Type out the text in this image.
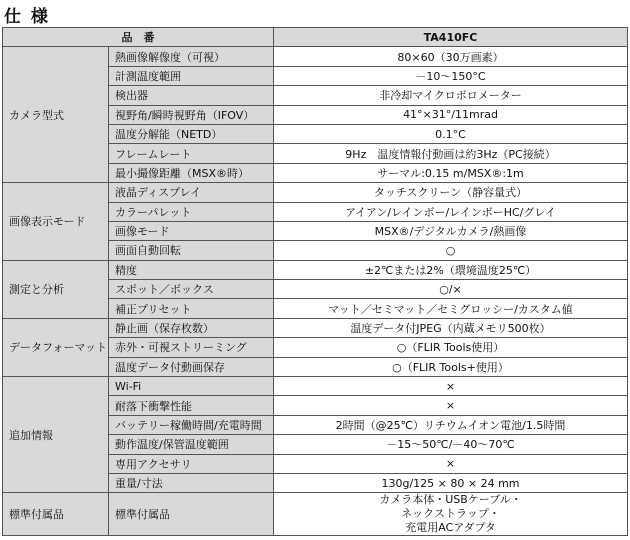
仕 様
品　番		TA410FC
カメラ型式	熱画像解像度（可視）	80×60（30万画素）
	計測温度範囲	－10～150°C
	検出器	非冷却マイクロボロメーター
	視野角/瞬時視野角（IFOV）	41°×31°/11mrad
	温度分解能（NETD）	0.1°C
	フレームレート	9Hz　温度情報付動画は約3Hz（PC接続）
	最小撮像距離（MSX®時）	サーマル:0.15 m/MSX®:1m
画像表示モード	液晶ディスプレイ	タッチスクリーン（静容量式）
	カラーパレット	アイアン/レインボー/レインボーHC/グレイ
	画像モード	MSX®/デジタルカメラ/熱画像
	画面自動回転	○
測定と分析	精度	±2℃または2%（環境温度25℃）
	スポット／ボックス	○/×
	補正プリセット	マット／セミマット／セミグロッシー/カスタム値
データフォーマット	静止画（保存枚数）	温度データ付JPEG（内蔵メモリ500枚）
	赤外・可視ストリーミング	○（FLIR Tools使用）
	温度データ付動画保存	○（FLIR Tools+使用）
追加情報	Wi-Fi	×
	耐落下衝撃性能	×
	バッテリー稼働時間/充電時間	2時間（@25℃）リチウムイオン電池/1.5時間
	動作温度/保管温度範囲	－15～50℃/－40～70℃
	専用アクセサリ	×
	重量/寸法	130g/125 × 80 × 24 mm
標準付属品	標準付属品	カメラ本体・USBケーブル・
ネックストラップ・
充電用ACアダプタ
